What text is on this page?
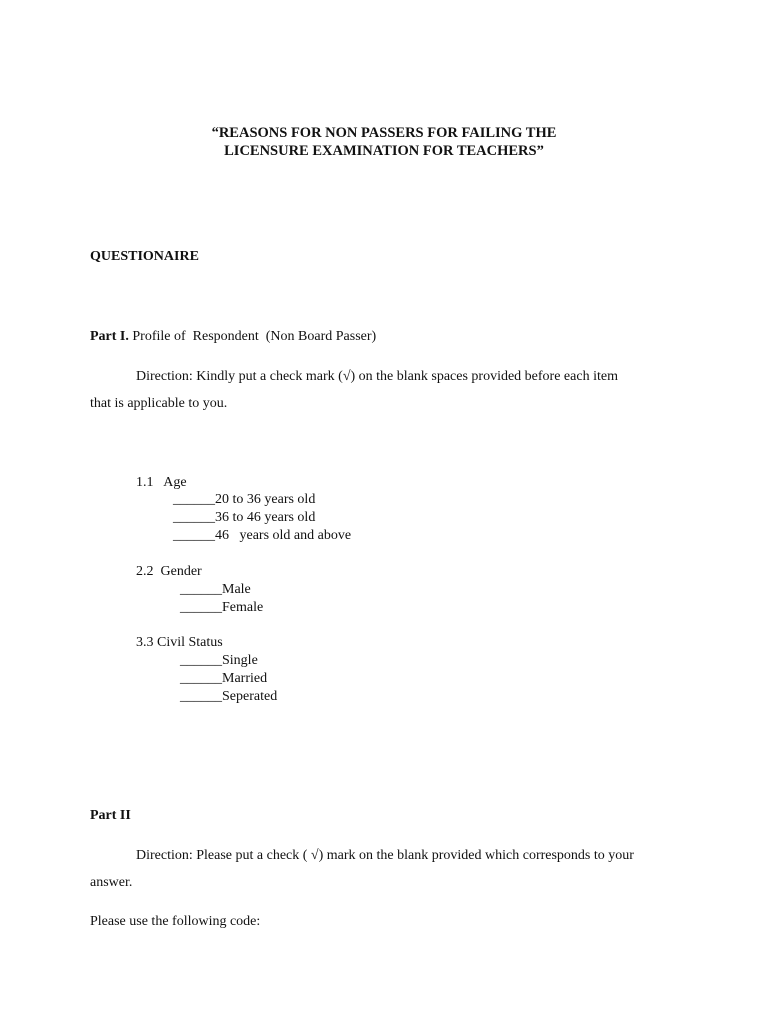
“REASONS FOR NON PASSERS FOR FAILING THE
LICENSURE EXAMINATION FOR TEACHERS”
QUESTIONAIRE
Part I. Profile of  Respondent  (Non Board Passer)
Direction: Kindly put a check mark (√) on the blank spaces provided before each item
that is applicable to you.
1.1   Age
______20 to 36 years old
______36 to 46 years old
______46   years old and above
2.2  Gender
______Male
______Female
3.3 Civil Status
______Single
______Married
______Seperated
Part II
Direction: Please put a check ( √) mark on the blank provided which corresponds to your
answer.
Please use the following code:
